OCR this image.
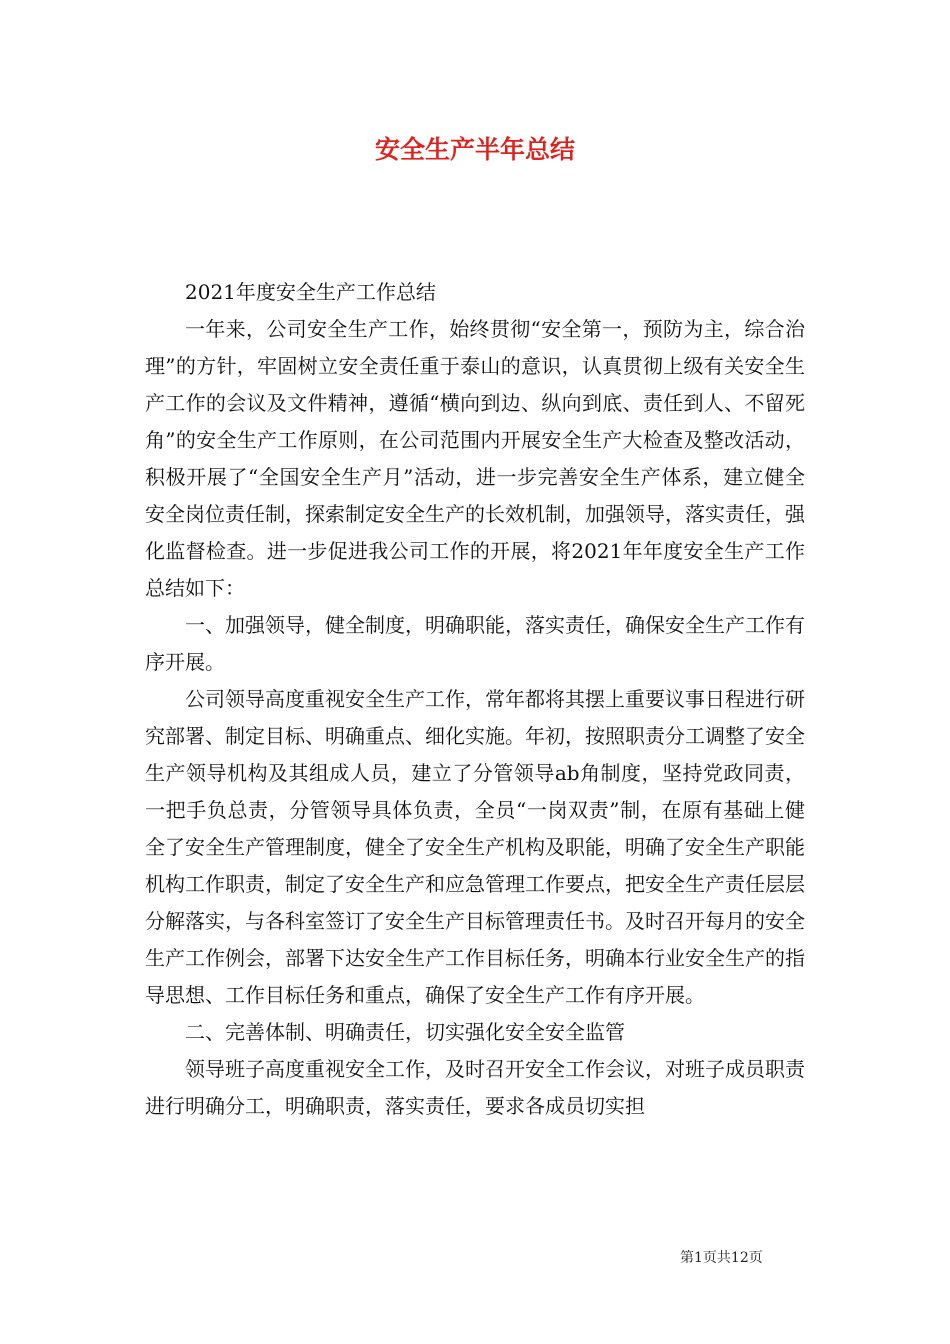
安全生产半年总结

2021年度安全生产工作总结

一年来，公司安全生产工作，始终贯彻“安全第一，预防为主，综合治理”的方针，牢固树立安全责任重于泰山的意识，认真贯彻上级有关安全生产工作的会议及文件精神，遵循“横向到边、纵向到底、责任到人、不留死角”的安全生产工作原则，在公司范围内开展安全生产大检查及整改活动，积极开展了“全国安全生产月”活动，进一步完善安全生产体系，建立健全安全岗位责任制，探索制定安全生产的长效机制，加强领导，落实责任，强化监督检查。进一步促进我公司工作的开展，将2021年年度安全生产工作总结如下：

一、加强领导，健全制度，明确职能，落实责任，确保安全生产工作有序开展。

公司领导高度重视安全生产工作，常年都将其摆上重要议事日程进行研究部署、制定目标、明确重点、细化实施。年初，按照职责分工调整了安全生产领导机构及其组成人员，建立了分管领导ab角制度，坚持党政同责，一把手负总责，分管领导具体负责，全员“一岗双责”制，在原有基础上健全了安全生产管理制度，健全了安全生产机构及职能，明确了安全生产职能机构工作职责，制定了安全生产和应急管理工作要点，把安全生产责任层层分解落实，与各科室签订了安全生产目标管理责任书。及时召开每月的安全生产工作例会，部署下达安全生产工作目标任务，明确本行业安全生产的指导思想、工作目标任务和重点，确保了安全生产工作有序开展。

二、完善体制、明确责任，切实强化安全安全监管

领导班子高度重视安全工作，及时召开安全工作会议，对班子成员职责进行明确分工，明确职责，落实责任，要求各成员切实担

第1页共12页
